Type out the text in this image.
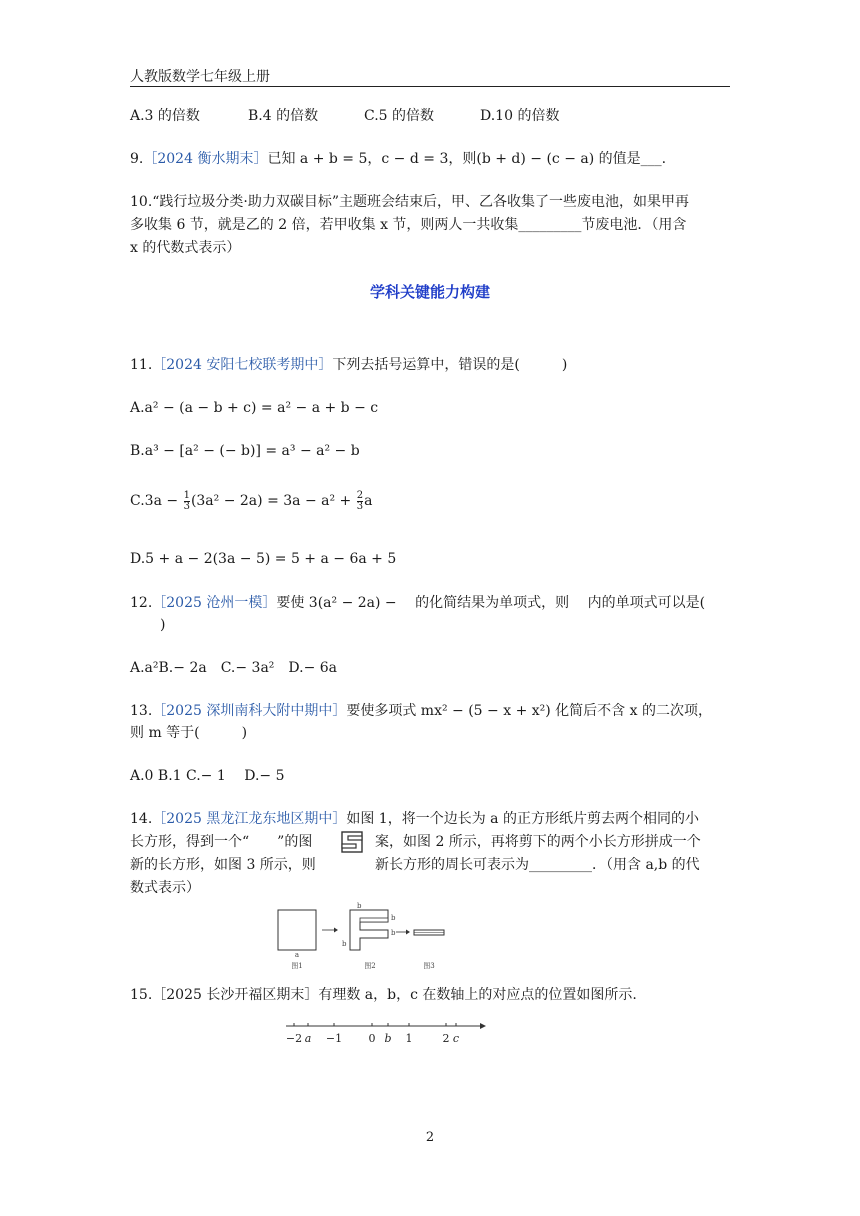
人教版数学七年级上册
A.3 的倍数	B.4 的倍数	C.5 的倍数	D.10 的倍数
9.［2024 衡水期末］已知 a + b = 5，c − d = 3，则(b + d) − (c − a) 的值是___.
10.“践行垃圾分类·助力双碳目标”主题班会结束后，甲、乙各收集了一些废电池，如果甲再
多收集 6 节，就是乙的 2 倍，若甲收集 x 节，则两人一共收集_________节废电池．（用含
x 的代数式表示）
学科关键能力构建
11.［2024 安阳七校联考期中］下列去括号运算中，错误的是(　　　)
A.a² − (a − b + c) = a² − a + b − c
B.a³ − [a² − (− b)] = a³ − a² − b
$C.3a - \frac{1}{3} (3a^2 - 2a) = 3a - a^2 + \frac{2}{3}$ a
D.5 + a − 2(3a − 5) = 5 + a − 6a + 5
12.［2025 沧州一模］要使 3(a² − 2a) −　 的化简结果为单项式，则　 内的单项式可以是(
)
A.a²B.− 2a　C.− 3a²　D.− 6a
13.［2025 深圳南科大附中期中］要使多项式 mx² − (5 − x + x²) 化简后不含 x 的二次项，
则 m 等于(　　　)
A.0 B.1 C.− 1　 D.− 5
14.［2025 黑龙江龙东地区期中］如图 1，将一个边长为 a 的正方形纸片剪去两个相同的小
长方形，得到一个“　　”的图	案，如图 2 所示，再将剪下的两个小长方形拼成一个
新的长方形，如图 3 所示，则	新长方形的周长可表示为_________．（用含 a,b 的代
数式表示）
a
图1
b
b
b
b
图2	图3
15.［2025 长沙开福区期末］有理数 a，b，c 在数轴上的对应点的位置如图所示.
−2 a −1 0 b 1	2 c
2
